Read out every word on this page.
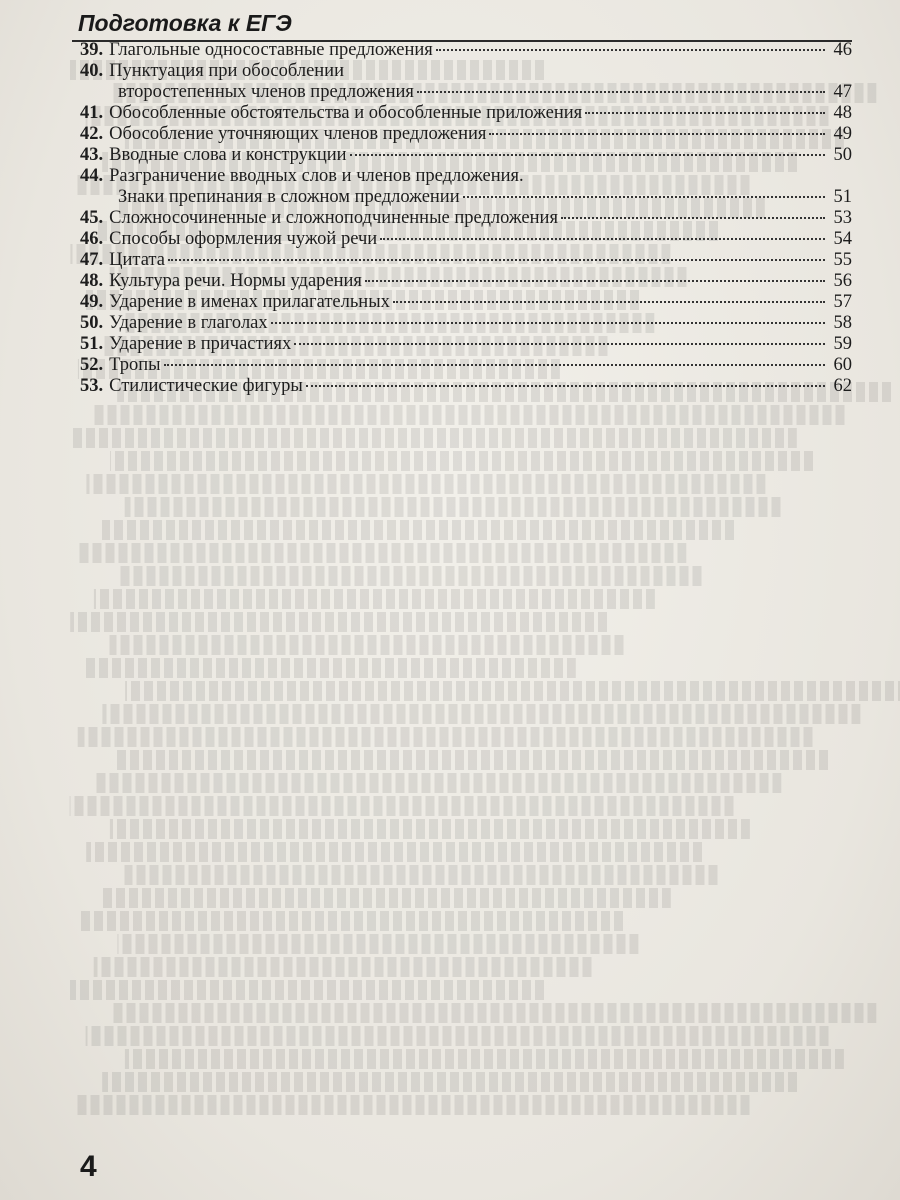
Подготовка к ЕГЭ
39. Глагольные односоставные предложения	46
40. Пунктуация при обособлении
второстепенных членов предложения	47
41. Обособленные обстоятельства и обособленные приложения	48
42. Обособление уточняющих членов предложения	49
43. Вводные слова и конструкции	50
44. Разграничение вводных слов и членов предложения.
Знаки препинания в сложном предложении	51
45. Сложносочиненные и сложноподчиненные предложения	53
46. Способы оформления чужой речи	54
47. Цитата	55
48. Культура речи. Нормы ударения	56
49. Ударение в именах прилагательных	57
50. Ударение в глаголах	58
51. Ударение в причастиях	59
52. Тропы	60
53. Стилистические фигуры	62
4
